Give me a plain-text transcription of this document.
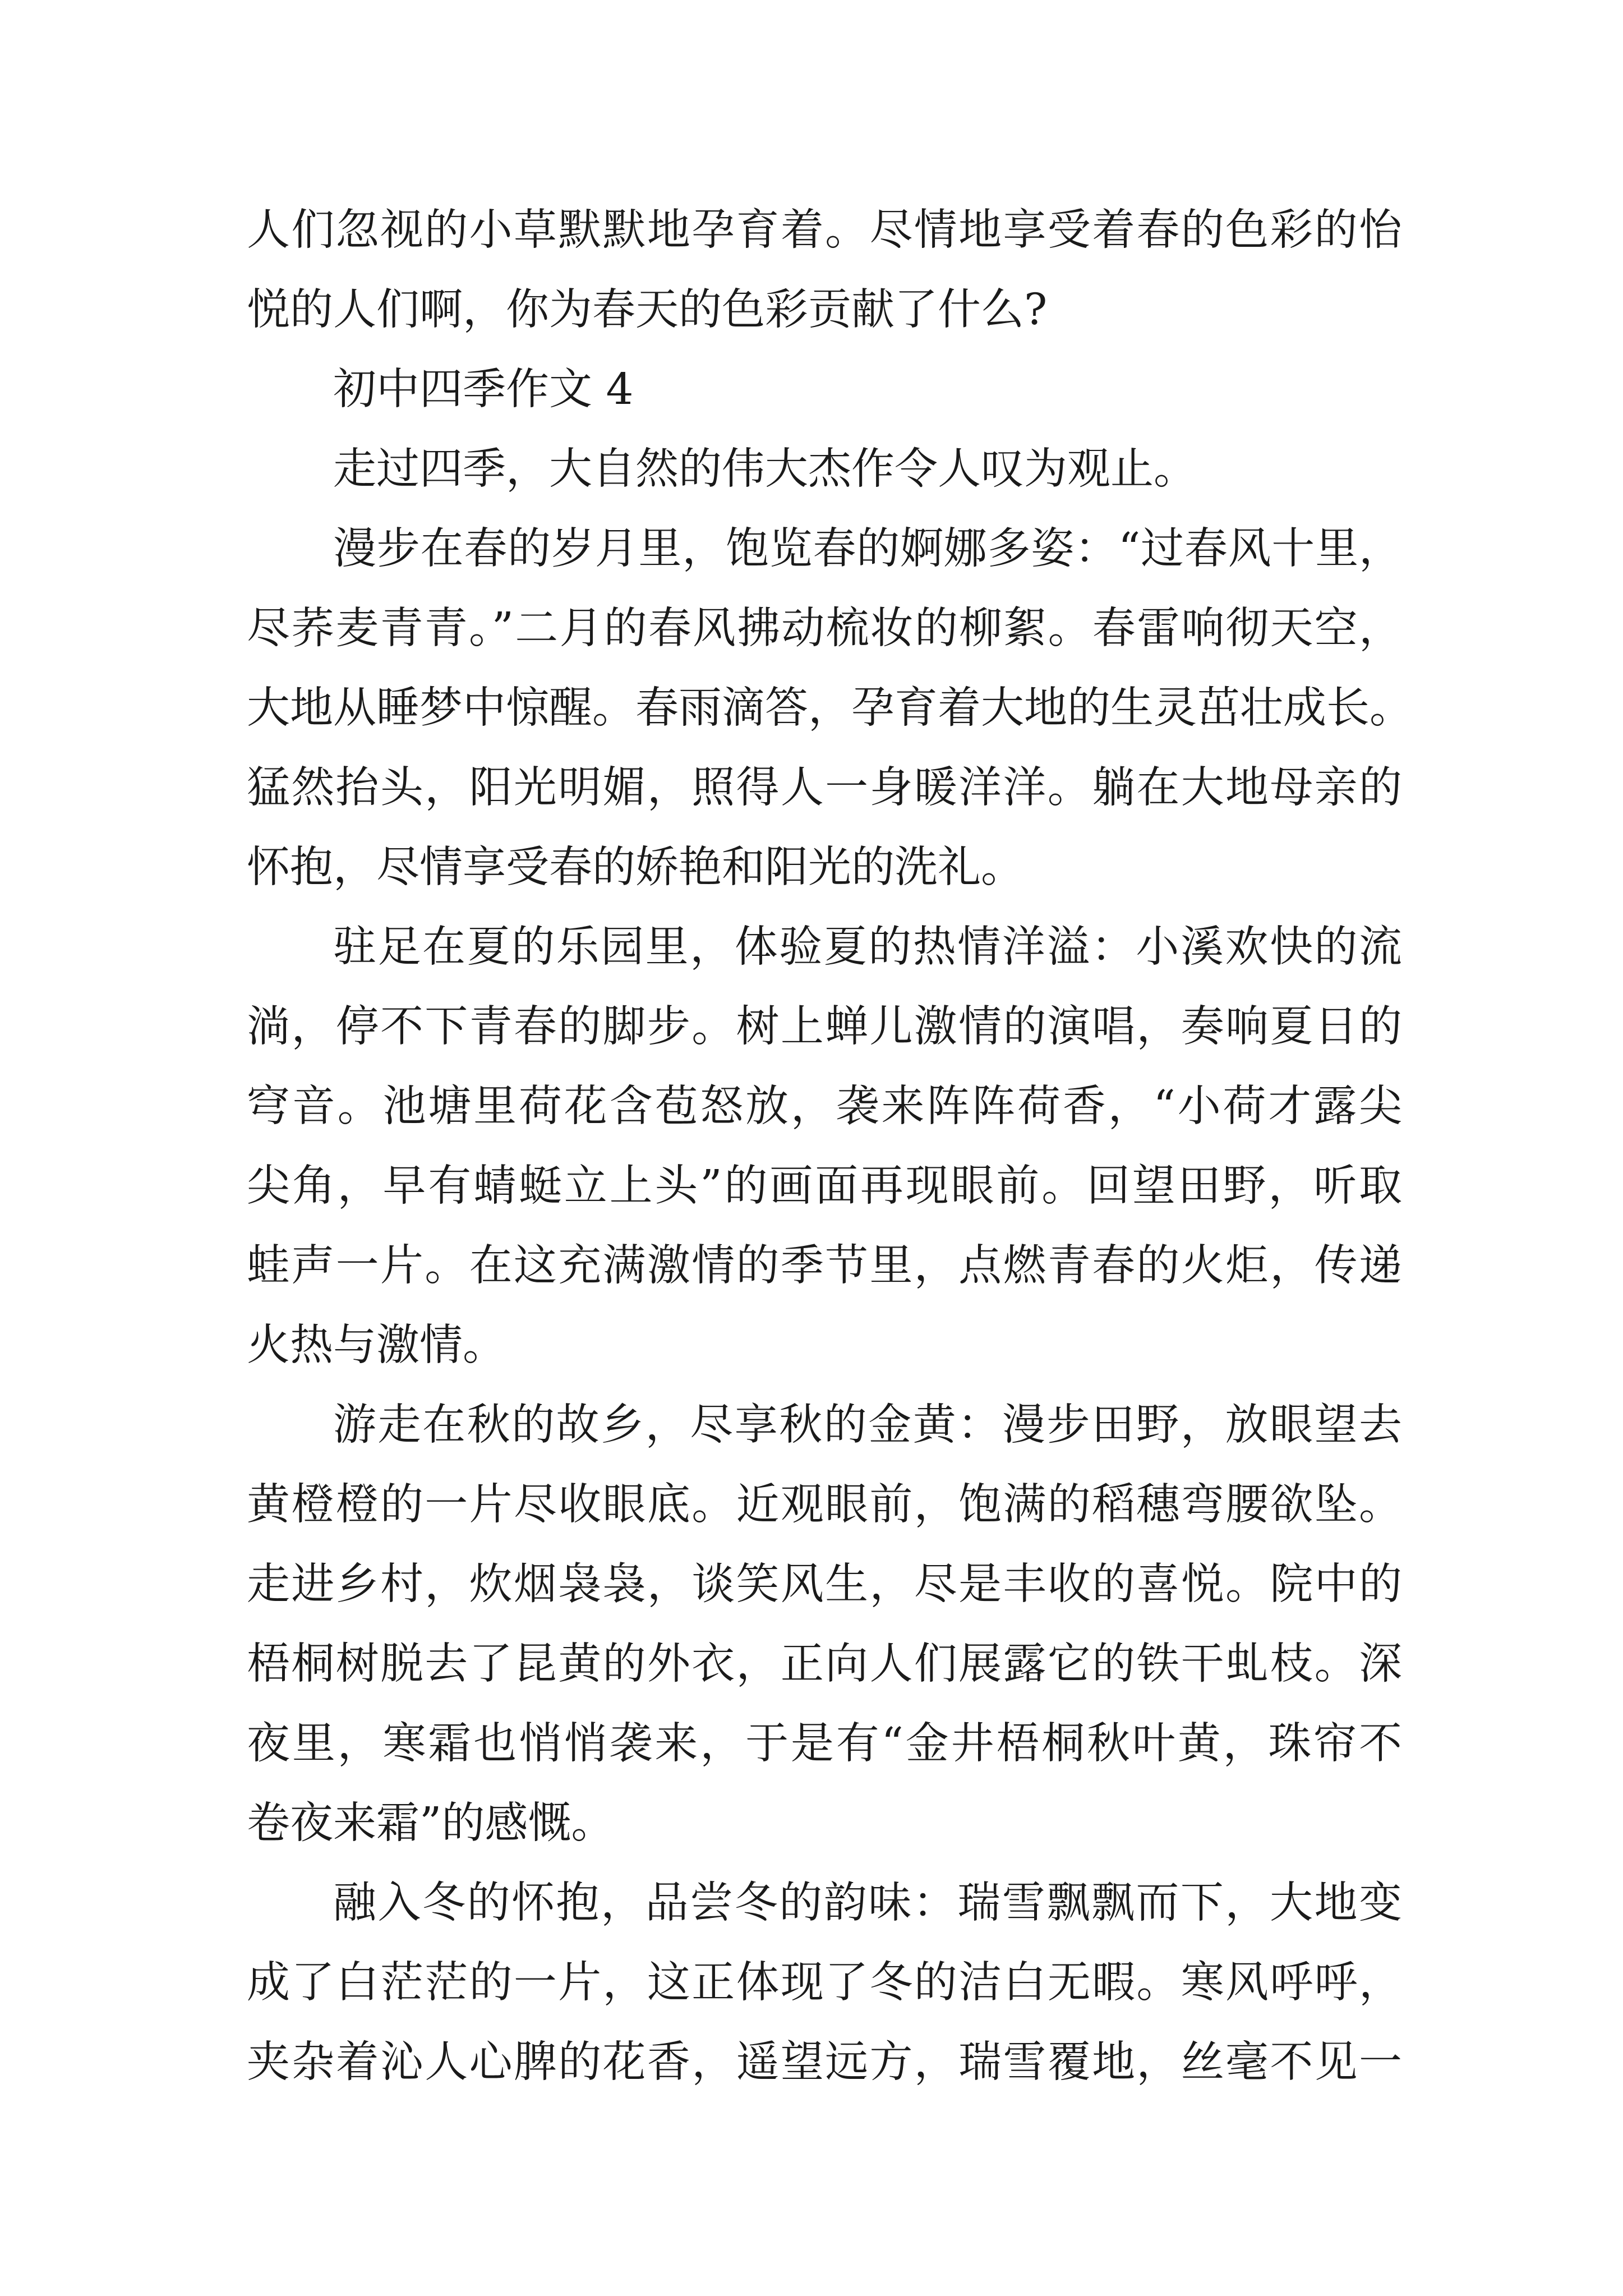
人们忽视的小草默默地孕育着。尽情地享受着春的色彩的怡
悦的人们啊，你为春天的色彩贡献了什么?
初中四季作文 4
走过四季，大自然的伟大杰作令人叹为观止。
漫步在春的岁月里，饱览春的婀娜多姿：“过春风十里，
尽荞麦青青。”二月的春风拂动梳妆的柳絮。春雷响彻天空，
大地从睡梦中惊醒。春雨滴答，孕育着大地的生灵茁壮成长。
猛然抬头，阳光明媚，照得人一身暖洋洋。躺在大地母亲的
怀抱，尽情享受春的娇艳和阳光的洗礼。
驻足在夏的乐园里，体验夏的热情洋溢：小溪欢快的流
淌，停不下青春的脚步。树上蝉儿激情的演唱，奏响夏日的
穹音。池塘里荷花含苞怒放，袭来阵阵荷香，“小荷才露尖
尖角，早有蜻蜓立上头”的画面再现眼前。回望田野，听取
蛙声一片。在这充满激情的季节里，点燃青春的火炬，传递
火热与激情。
游走在秋的故乡，尽享秋的金黄：漫步田野，放眼望去
黄橙橙的一片尽收眼底。近观眼前，饱满的稻穗弯腰欲坠。
走进乡村，炊烟袅袅，谈笑风生，尽是丰收的喜悦。院中的
梧桐树脱去了昆黄的外衣，正向人们展露它的铁干虬枝。深
夜里，寒霜也悄悄袭来，于是有“金井梧桐秋叶黄，珠帘不
卷夜来霜”的感慨。
融入冬的怀抱，品尝冬的韵味：瑞雪飘飘而下，大地变
成了白茫茫的一片，这正体现了冬的洁白无暇。寒风呼呼，
夹杂着沁人心脾的花香，遥望远方，瑞雪覆地，丝毫不见一
